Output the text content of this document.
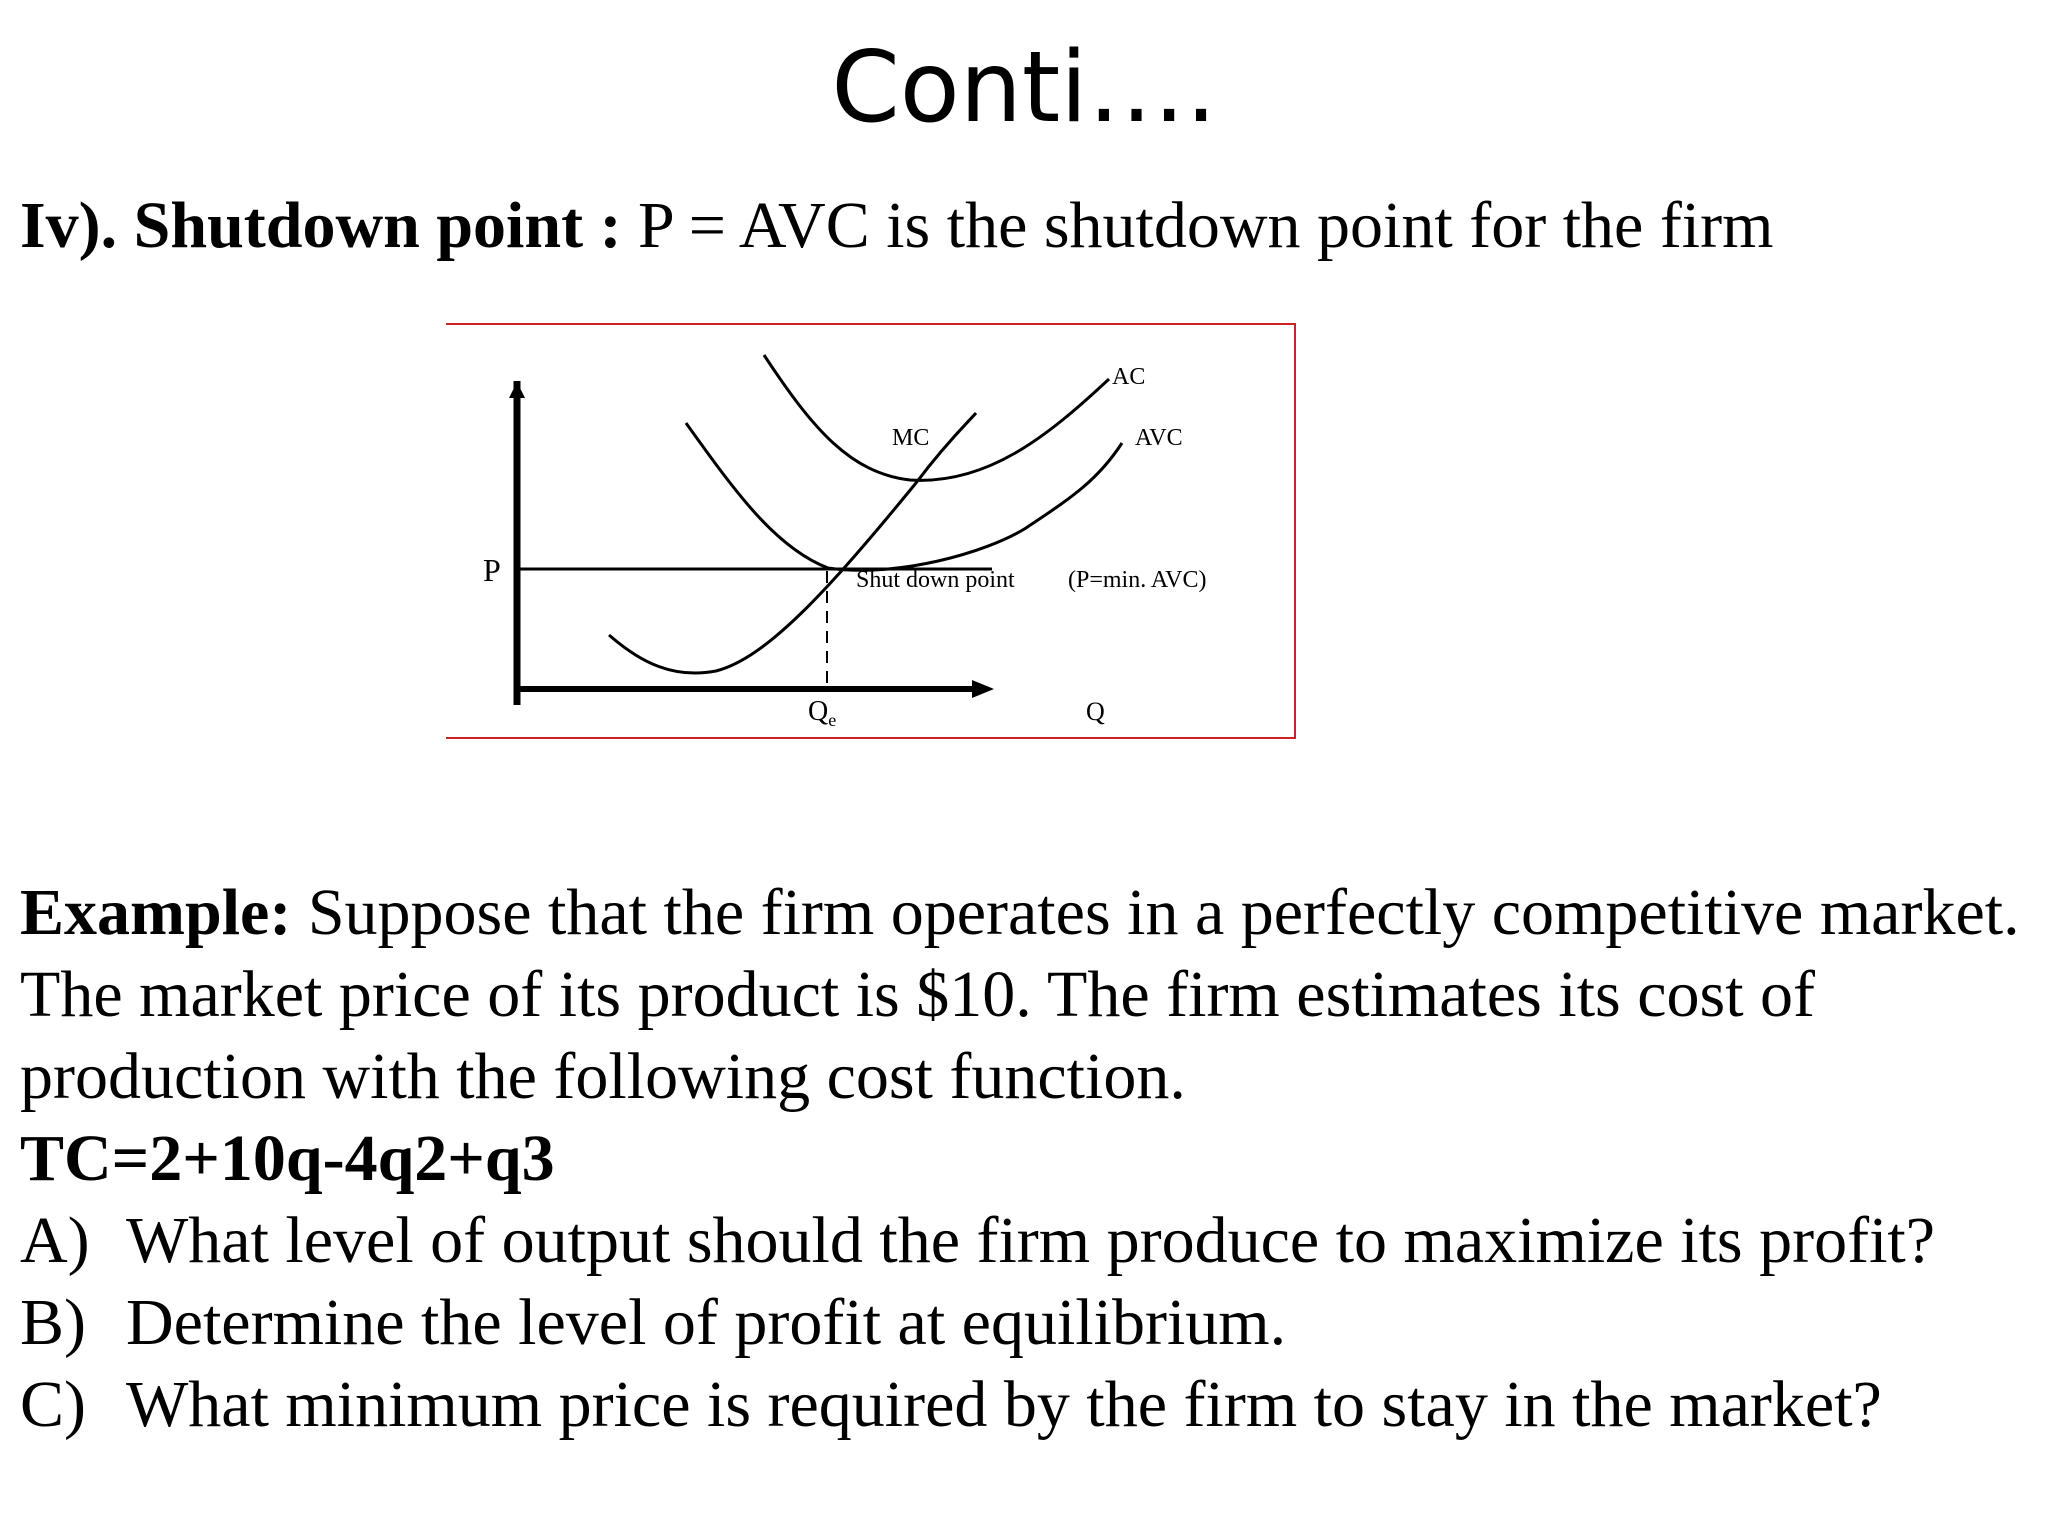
Conti….
Iv). Shutdown point : P = AVC is the shutdown point for the firm
AC
AVC
MC
P
Q
$Q_e$
Shut down point (P=min. AVC)

Example: Suppose that the firm operates in a perfectly competitive market. The market price of its product is $10. The firm estimates its cost of production with the following cost function.

TC=2+10q-4q2+q3

A) What level of output should the firm produce to maximize its profit?
B) Determine the level of profit at equilibrium.
C) What minimum price is required by the firm to stay in the market?
